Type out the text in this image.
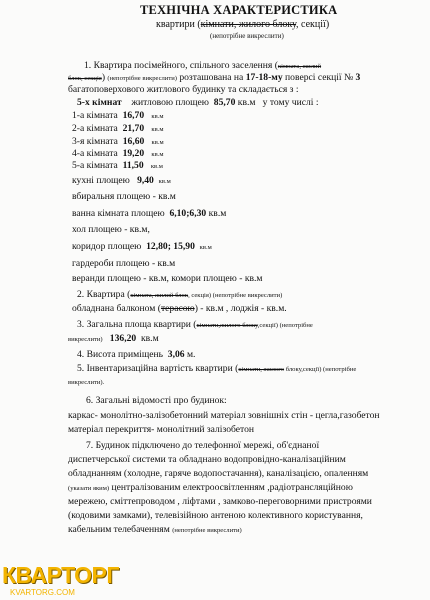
ТЕХНІЧНА ХАРАКТЕРИСТИКА
квартири (кімнати, жилого блоку, секції)
(непотрібне викреслити)
1. Квартира посімейного, спільного заселення (кімната, жилий
блок, секція) (непотрібне викреслити) розташована на 17-18-му поверсі секції № 3
багатоповерхового житлового будинку та складається з :
5-х кімнат житловою площею 85,70 кв.м у тому числі :
1-а кімната 16,70 кв.м
2-а кімната 21,70 кв.м
3-я кімната 16,60 кв.м
4-а кімната 19,20 кв.м
5-а кімната 11,50 кв.м
кухні площею 9,40 кв.м
вбиральня площею - кв.м
ванна кімната площею 6,10;6,30 кв.м
хол площею - кв.м,
коридор площею 12,80; 15,90 кв.м
гардероби площею - кв.м
веранди площею - кв.м, комори площею - кв.м
2. Квартира (кімната, жилий блок, секція) (непотрібне викреслити)
обладнана балконом (терасою) - кв.м , лоджія - кв.м.
3. Загальна площа квартири (кімнати,жилого блоку,секції) (непотрібне
викреслити) 136,20 кв.м
4. Висота приміщень 3,06 м.
5. Інвентаризаційна вартість квартири (кімнати, жилого блоку,секції) (непотрібне
викреслити).
6. Загальні відомості про будинок:
каркас- монолітно-залізобетонний матеріал зовнішніх стін - цегла,газобетон
матеріал перекриття- монолітний залізобетон
7. Будинок підключено до телефонної мережі, об'єднаної
диспетчерської системи та обладнано водопровідно-каналізаційним
обладнанням (холодне, гаряче водопостачання), каналізацією, опаленням
(указати яким) централізованим електроосвітленням ,радіотрансляційною
мережею, сміттепроводом , ліфтами , замково-переговорними пристроями
(кодовими замками), телевізійною антеною колективного користування,
кабельним телебаченням (непотрібне викреслити)
КВАРТОРГ
KVARTORG.COM
